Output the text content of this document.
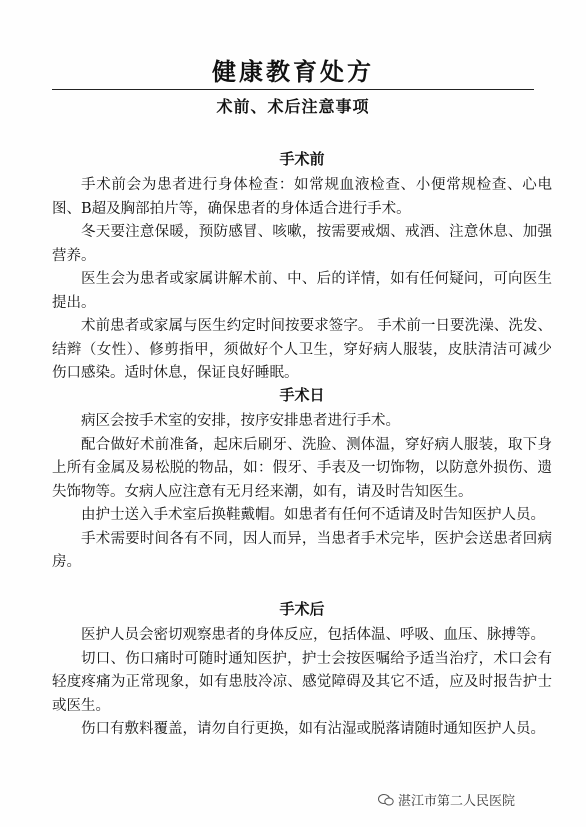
健康教育处方
术前、术后注意事项
手术前

手术前会为患者进行身体检查：如常规血液检查、小便常规检查、心电图、B超及胸部拍片等，确保患者的身体适合进行手术。

冬天要注意保暖，预防感冒、咳嗽，按需要戒烟、戒酒、注意休息、加强营养。

医生会为患者或家属讲解术前、中、后的详情，如有任何疑问，可向医生提出。

术前患者或家属与医生约定时间按要求签字。 手术前一日要洗澡、洗发、结辫（女性）、修剪指甲，须做好个人卫生，穿好病人服装，皮肤清洁可减少伤口感染。适时休息，保证良好睡眠。

手术日

病区会按手术室的安排，按序安排患者进行手术。

配合做好术前准备，起床后刷牙、洗脸、测体温，穿好病人服装，取下身上所有金属及易松脱的物品，如：假牙、手表及一切饰物，以防意外损伤、遗失饰物等。女病人应注意有无月经来潮，如有，请及时告知医生。

由护士送入手术室后换鞋戴帽。如患者有任何不适请及时告知医护人员。

手术需要时间各有不同，因人而异，当患者手术完毕，医护会送患者回病房。

手术后

医护人员会密切观察患者的身体反应，包括体温、呼吸、血压、脉搏等。

切口、伤口痛时可随时通知医护，护士会按医嘱给予适当治疗，术口会有轻度疼痛为正常现象，如有患肢冷凉、感觉障碍及其它不适，应及时报告护士或医生。

伤口有敷料覆盖，请勿自行更换，如有沾湿或脱落请随时通知医护人员。

湛江市第二人民医院
